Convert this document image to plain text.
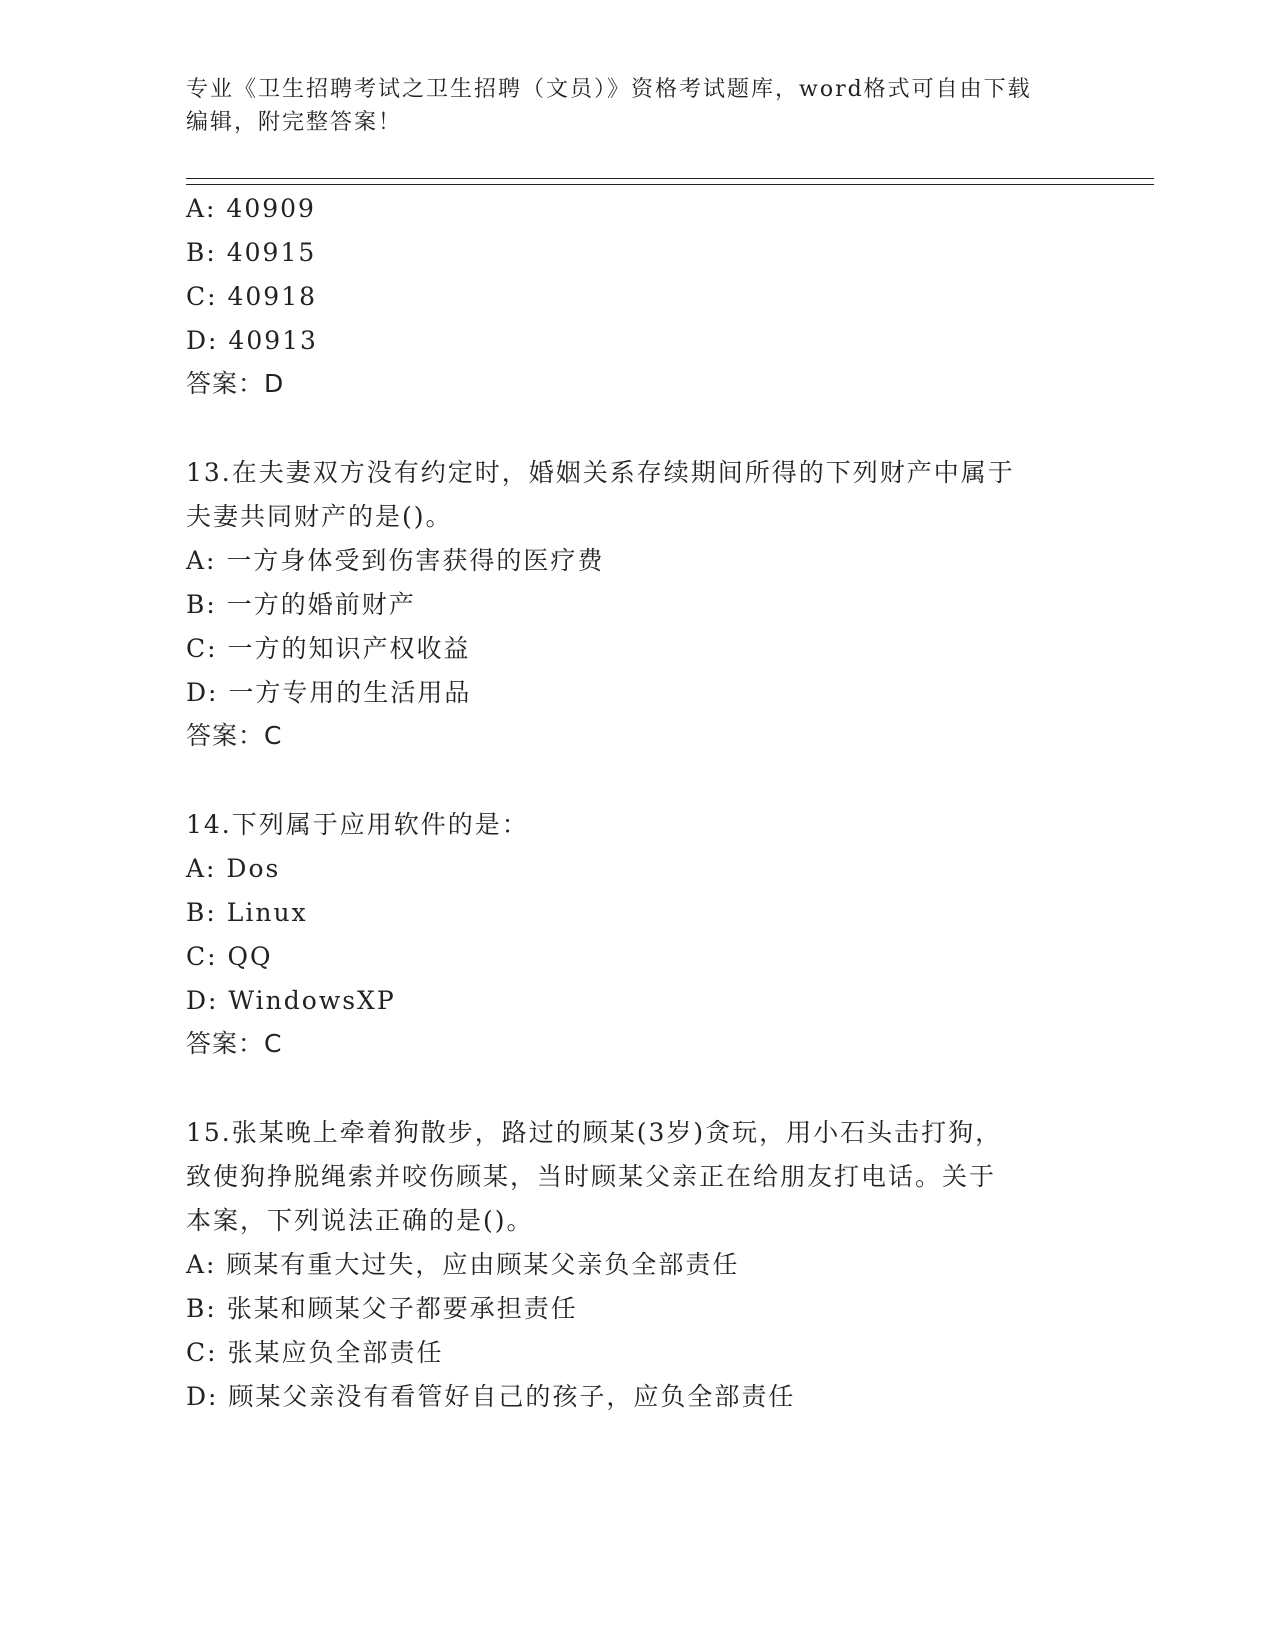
专业《卫生招聘考试之卫生招聘（文员）》资格考试题库，word格式可自由下载
编辑，附完整答案！
A: 40909
B: 40915
C: 40918
D: 40913
答案：D
13.在夫妻双方没有约定时，婚姻关系存续期间所得的下列财产中属于
夫妻共同财产的是()。
A: 一方身体受到伤害获得的医疗费
B: 一方的婚前财产
C: 一方的知识产权收益
D: 一方专用的生活用品
答案：C
14.下列属于应用软件的是：
A: Dos
B: Linux
C: QQ
D: WindowsXP
答案：C
15.张某晚上牵着狗散步，路过的顾某(3岁)贪玩，用小石头击打狗，
致使狗挣脱绳索并咬伤顾某，当时顾某父亲正在给朋友打电话。关于
本案，下列说法正确的是()。
A: 顾某有重大过失，应由顾某父亲负全部责任
B: 张某和顾某父子都要承担责任
C: 张某应负全部责任
D: 顾某父亲没有看管好自己的孩子，应负全部责任
